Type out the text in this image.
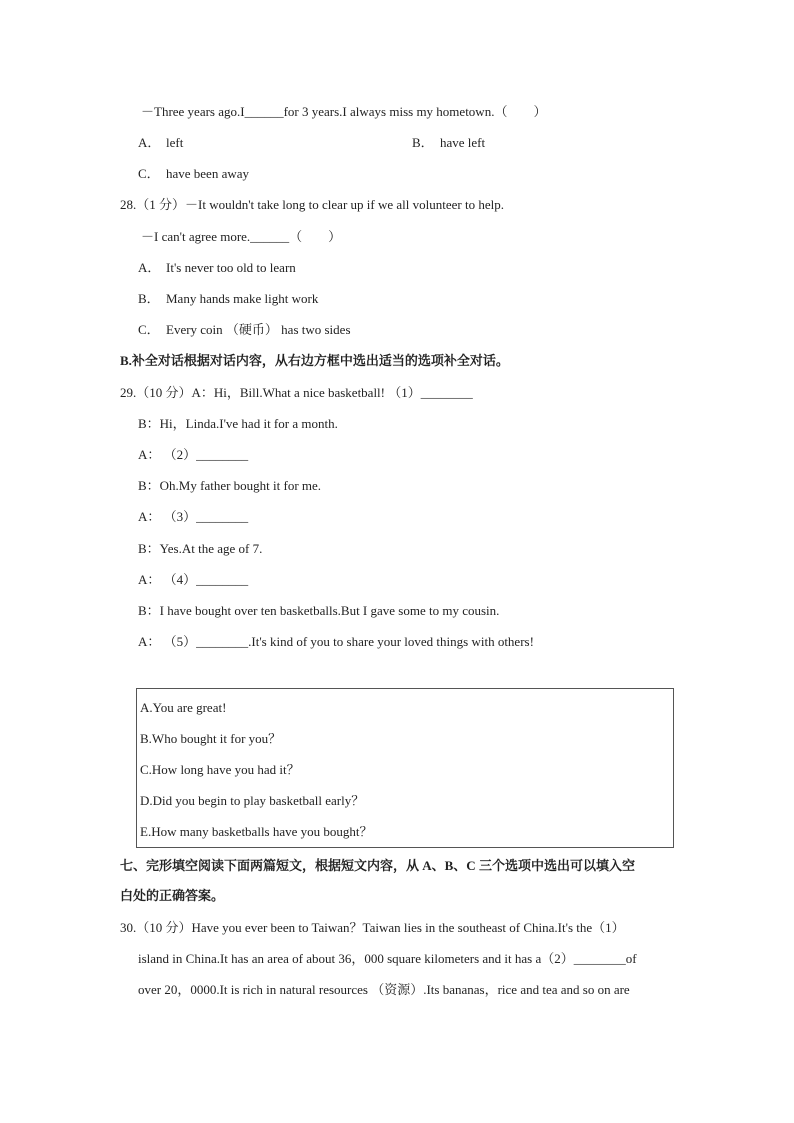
－Three years ago.I______for 3 years.I always miss my hometown.（　　）
A． left	B． have left
C． have been away
28.（1 分）－It wouldn't take long to clear up if we all volunteer to help.
－I can't agree more.______（　　）
A． It's never too old to learn
B． Many hands make light work
C． Every coin （硬币） has two sides
B.补全对话根据对话内容，从右边方框中选出适当的选项补全对话。
29.（10 分）A：Hi，Bill.What a nice basketball! （1）________
B：Hi，Linda.I've had it for a month.
A： （2）________
B：Oh.My father bought it for me.
A： （3）________
B：Yes.At the age of 7.
A： （4）________
B：I have bought over ten basketballs.But I gave some to my cousin.
A： （5）________.It's kind of you to share your loved things with others!
A.You are great!
B.Who bought it for you？
C.How long have you had it？
D.Did you begin to play basketball early？
E.How many basketballs have you bought？
七、完形填空阅读下面两篇短文，根据短文内容，从 A、B、C 三个选项中选出可以填入空
白处的正确答案。
30.（10 分）Have you ever been to Taiwan？Taiwan lies in the southeast of China.It's the（1）
island in China.It has an area of about 36，000 square kilometers and it has a（2）________of
over 20，0000.It is rich in natural resources （资源）.Its bananas，rice and tea and so on are
